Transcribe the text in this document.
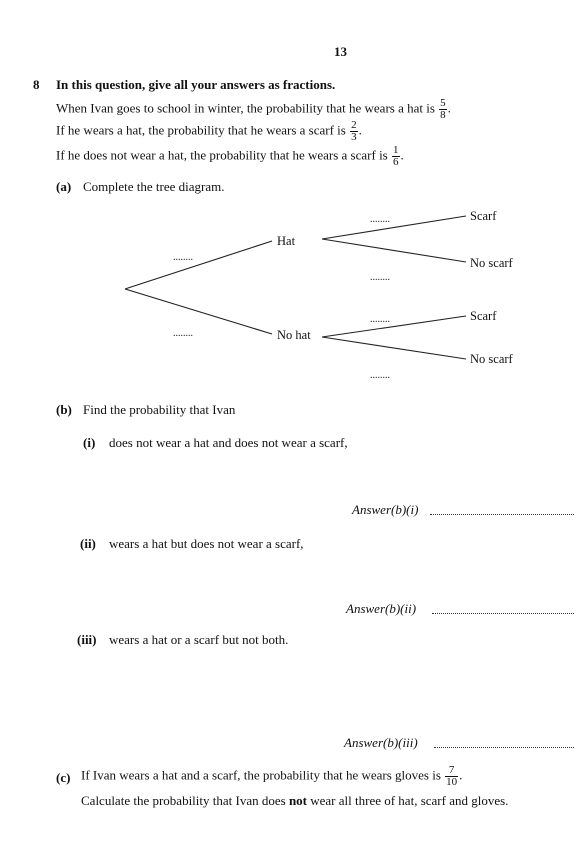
13
8 In this question, give all your answers as fractions.
When Ivan goes to school in winter, the probability that he wears a hat is $\frac{5}{8}$ .
If he wears a hat, the probability that he wears a scarf is $\frac{2}{3}$ .
If he does not wear a hat, the probability that he wears a scarf is $\frac{1}{6}$ .
(a) Complete the tree diagram.
Hat
No hat
Scarf
No scarf
Scarf
No scarf
........
........
........
........
........
........
(b) Find the probability that Ivan
(i) does not wear a hat and does not wear a scarf,
Answer(b)(i)
(ii) wears a hat but does not wear a scarf,
Answer(b)(ii)
(iii) wears a hat or a scarf but not both.
Answer(b)(iii)
(c) If Ivan wears a hat and a scarf, the probability that he wears gloves is $\frac{7}{10}$ .
Calculate the probability that Ivan does not wear all three of hat, scarf and gloves.
